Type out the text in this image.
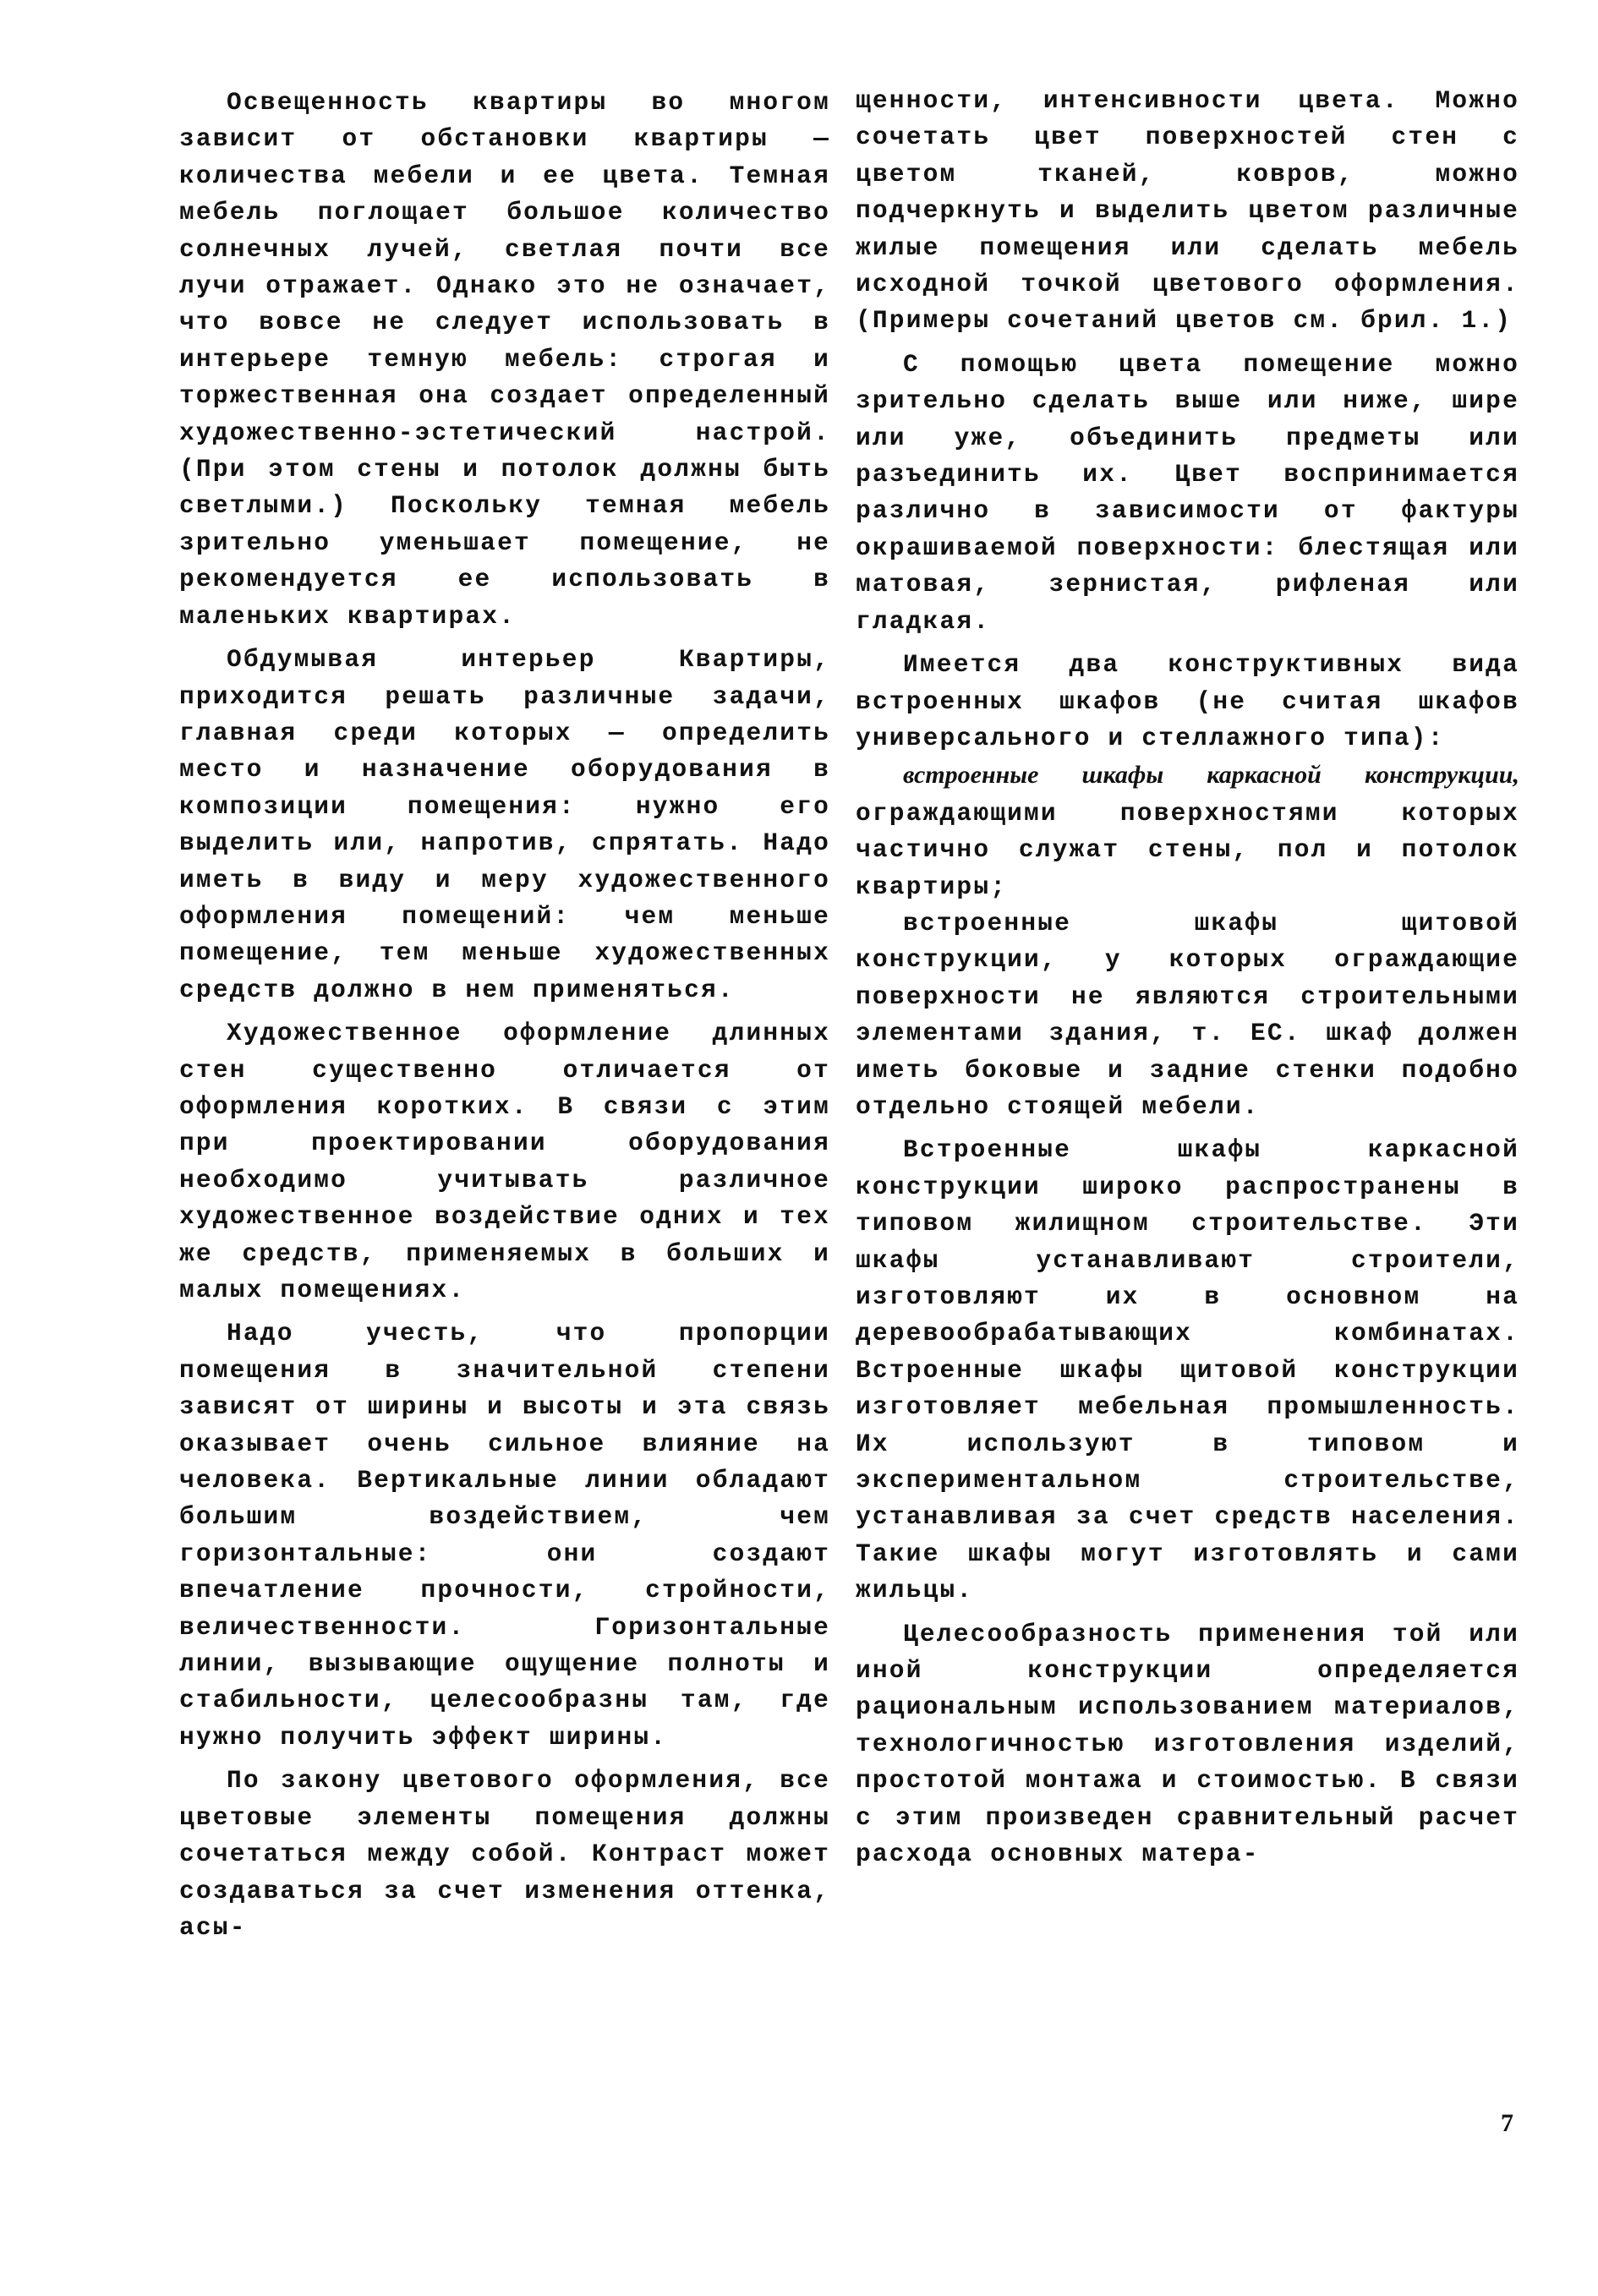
Освещенность квартиры во многом зависит от обстановки квартиры — количества мебели и ее цвета. Темная мебель поглощает большое количество солнечных лучей, светлая почти все лучи отражает. Однако это не означает, что вовсе не следует использовать в интерьере темную мебель: строгая и торжественная она создает определенный художественно-эстетический настрой. (При этом стены и потолок должны быть светлыми.) Поскольку темная мебель зрительно уменьшает помещение, не рекомендуется ее использовать в маленьких квартирах.

Обдумывая интерьер Квартиры, приходится решать различные задачи, главная среди которых — определить место и назначение оборудования в композиции помещения: нужно его выделить или, напротив, спрятать. Надо иметь в виду и меру художественного оформления помещений: чем меньше помещение, тем меньше художественных средств должно в нем применяться.

Художественное оформление длинных стен существенно отличается от оформления коротких. В связи с этим при проектировании оборудования необходимо учитывать различное художественное воздействие одних и тех же средств, применяемых в больших и малых помещениях.

Надо учесть, что пропорции помещения в значительной степени зависят от ширины и высоты и эта связь оказывает очень сильное влияние на человека. Вертикальные линии обладают большим воздействием, чем горизонтальные: они создают впечатление прочности, стройности, величественности. Горизонтальные линии, вызывающие ощущение полноты и стабильности, целесообразны там, где нужно получить эффект ширины.

По закону цветового оформления, все цветовые элементы помещения должны сочетаться между собой. Контраст может создаваться за счет изменения оттенка, асы-

щенности, интенсивности цвета. Можно сочетать цвет поверхностей стен с цветом тканей, ковров, можно подчеркнуть и выделить цветом различные жилые помещения или сделать мебель исходной точкой цветового оформления. (Примеры сочетаний цветов см. брил. 1.)

С помощью цвета помещение можно зрительно сделать выше или ниже, шире или уже, объединить предметы или разъединить их. Цвет воспринимается различно в зависимости от фактуры окрашиваемой поверхности: блестящая или матовая, зернистая, рифленая или гладкая.

Имеется два конструктивных вида встроенных шкафов (не считая шкафов универсального и стеллажного типа):

встроенные шкафы каркасной конструкции, ограждающими поверхностями которых частично служат стены, пол и потолок квартиры;

встроенные шкафы щитовой конструкции, у которых ограждающие поверхности не являются строительными элементами здания, т. ЕС. шкаф должен иметь боковые и задние стенки подобно отдельно стоящей мебели.

Встроенные шкафы каркасной конструкции широко распространены в типовом жилищном строительстве. Эти шкафы устанавливают строители, изготовляют их в основном на деревообрабатывающих комбинатах. Встроенные шкафы щитовой конструкции изготовляет мебельная промышленность. Их используют в типовом и экспериментальном строительстве, устанавливая за счет средств населения. Такие шкафы могут изготовлять и сами жильцы.

Целесообразность применения той или иной конструкции определяется рациональным использованием материалов, технологичностью изготовления изделий, простотой монтажа и стоимостью. В связи с этим произведен сравнительный расчет расхода основных матера-

7
